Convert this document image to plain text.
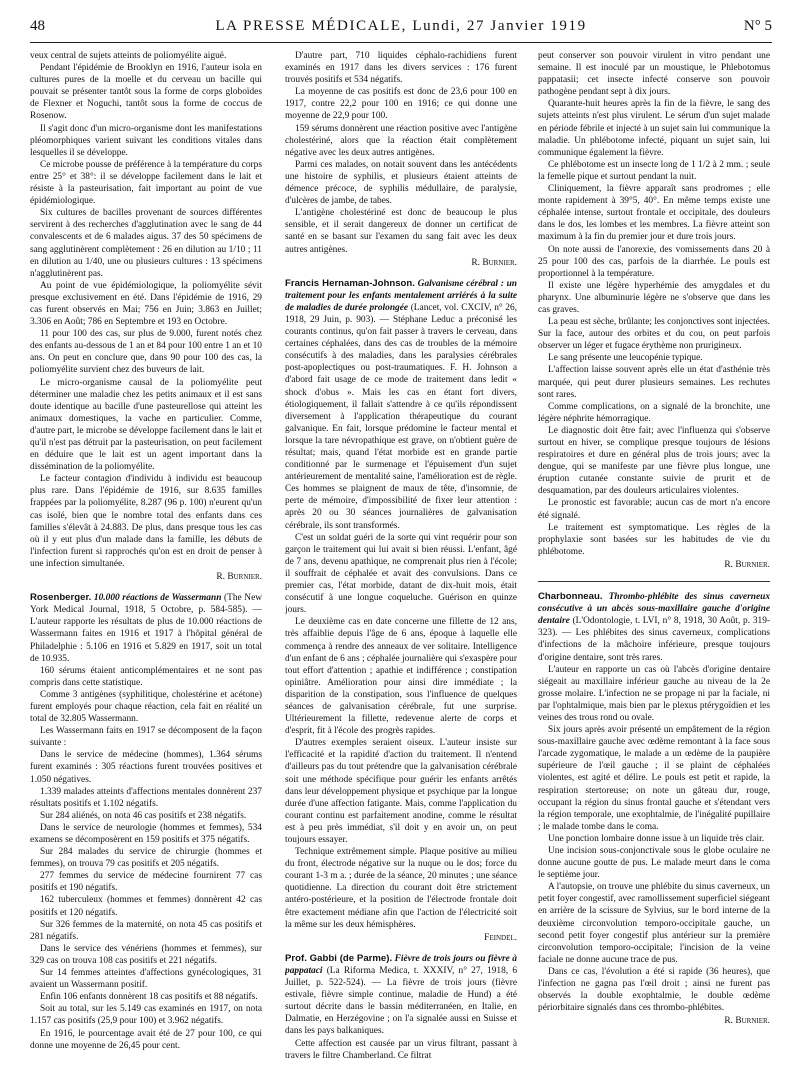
48	LA PRESSE MÉDICALE, Lundi, 27 Janvier 1919	N° 5

veux central de sujets atteints de poliomyélite aiguë.

Pendant l'épidémie de Brooklyn en 1916, l'auteur isola en cultures pures de la moelle et du cerveau un bacille qui pouvait se présenter tantôt sous la forme de corps globoïdes de Flexner et Noguchi, tantôt sous la forme de coccus de Rosenow.

Il s'agit donc d'un micro-organisme dont les manifestations pléomorphiques varient suivant les conditions vitales dans lesquelles il se développe.

Ce microbe pousse de préférence à la température du corps entre 25° et 38°: il se développe facilement dans le lait et résiste à la pasteurisation, fait important au point de vue épidémiologique.

Six cultures de bacilles provenant de sources différentes servirent à des recherches d'agglutination avec le sang de 44 convalescents et de 6 malades aigus. 37 des 50 spécimens de sang agglutinèrent complètement : 26 en dilution au 1/10 ; 11 en dilution au 1/40, une ou plusieurs cultures : 13 spécimens n'agglutinèrent pas.

Au point de vue épidémiologique, la poliomyélite sévit presque exclusivement en été. Dans l'épidémie de 1916, 29 cas furent observés en Mai; 756 en Juin; 3.863 en Juillet; 3.306 en Août; 786 en Septembre et 193 en Octobre.

11 pour 100 des cas, sur plus de 9.000, furent notés chez des enfants au-dessous de 1 an et 84 pour 100 entre 1 an et 10 ans. On peut en conclure que, dans 90 pour 100 des cas, la poliomyélite survient chez des buveurs de lait.

Le micro-organisme causal de la poliomyélite peut déterminer une maladie chez les petits animaux et il est sans doute identique au bacille d'une pasteurellose qui atteint les animaux domestiques, la vache en particulier. Comme, d'autre part, le microbe se développe facilement dans le lait et qu'il n'est pas détruit par la pasteurisation, on peut facilement en déduire que le lait est un agent important dans la dissémination de la poliomyélite.

Le facteur contagion d'individu à individu est beaucoup plus rare. Dans l'épidémie de 1916, sur 8.635 familles frappées par la poliomyélite, 8.287 (96 p. 100) n'eurent qu'un cas isolé, bien que le nombre total des enfants dans ces familles s'élevât à 24.883. De plus, dans presque tous les cas où il y eut plus d'un malade dans la famille, les débuts de l'infection furent si rapprochés qu'on est en droit de penser à une infection simultanée.

R. Burnier.

Rosenberger. 10.000 réactions de Wassermann (The New York Medical Journal, 1918, 5 Octobre, p. 584-585). — L'auteur rapporte les résultats de plus de 10.000 réactions de Wassermann faites en 1916 et 1917 à l'hôpital général de Philadelphie : 5.106 en 1916 et 5.829 en 1917, soit un total de 10.935.

160 sérums étaient anticomplémentaires et ne sont pas compris dans cette statistique.

Comme 3 antigènes (syphilitique, cholestérine et acétone) furent employés pour chaque réaction, cela fait en réalité un total de 32.805 Wassermann.

Les Wassermann faits en 1917 se décomposent de la façon suivante :

Dans le service de médecine (hommes), 1.364 sérums furent examinés : 305 réactions furent trouvées positives et 1.050 négatives.

1.339 malades atteints d'affections mentales donnèrent 237 résultats positifs et 1.102 négatifs.

Sur 284 aliénés, on nota 46 cas positifs et 238 négatifs.

Dans le service de neurologie (hommes et femmes), 534 examens se décomposèrent en 159 positifs et 375 négatifs.

Sur 284 malades du service de chirurgie (hommes et femmes), on trouva 79 cas positifs et 205 négatifs.

277 femmes du service de médecine fournirent 77 cas positifs et 190 négatifs.

162 tuberculeux (hommes et femmes) donnèrent 42 cas positifs et 120 négatifs.

Sur 326 femmes de la maternité, on nota 45 cas positifs et 281 négatifs.

Dans le service des vénériens (hommes et femmes), sur 329 cas on trouva 108 cas positifs et 221 négatifs.

Sur 14 femmes atteintes d'affections gynécologiques, 31 avaient un Wassermann positif.

Enfin 106 enfants donnèrent 18 cas positifs et 88 négatifs.

Soit au total, sur les 5.149 cas examinés en 1917, on nota 1.157 cas positifs (25,9 pour 100) et 3.962 négatifs.

En 1916, le pourcentage avait été de 27 pour 100, ce qui donne une moyenne de 26,45 pour cent.

D'autre part, 710 liquides céphalo-rachidiens furent examinés en 1917 dans les divers services : 176 furent trouvés positifs et 534 négatifs.

La moyenne de cas positifs est donc de 23,6 pour 100 en 1917, contre 22,2 pour 100 en 1916; ce qui donne une moyenne de 22,9 pour 100.

159 sérums donnèrent une réaction positive avec l'antigène cholestériné, alors que la réaction était complètement négative avec les deux autres antigènes.

Parmi ces malades, on notait souvent dans les antécédents une histoire de syphilis, et plusieurs étaient atteints de démence précoce, de syphilis médullaire, de paralysie, d'ulcères de jambe, de tabes.

L'antigène cholestériné est donc de beaucoup le plus sensible, et il serait dangereux de donner un certificat de santé en se basant sur l'examen du sang fait avec les deux autres antigènes.

R. Burnier.

Francis Hernaman-Johnson. Galvanisme cérébral : un traitement pour les enfants mentalement arriérés à la suite de maladies de durée prolongée (Lancet, vol. CXCIV, n° 26, 1918, 29 Juin, p. 903). — Stéphane Leduc a préconisé les courants continus, qu'on fait passer à travers le cerveau, dans certaines céphalées, dans des cas de troubles de la mémoire consécutifs à des maladies, dans les paralysies cérébrales post-apoplectiques ou post-traumatiques. F. H. Johnson a d'abord fait usage de ce mode de traitement dans ledit « shock d'obus ». Mais les cas en étant fort divers, étiologiquement, il fallait s'attendre à ce qu'ils répondissent diversement à l'application thérapeutique du courant galvanique. En fait, lorsque prédomine le facteur mental et lorsque la tare névropathique est grave, on n'obtient guère de résultat; mais, quand l'état morbide est en grande partie conditionné par le surmenage et l'épuisement d'un sujet antérieurement de mentalité saine, l'amélioration est de règle. Ces hommes se plaignent de maux de tête, d'insomnie, de perte de mémoire, d'impossibilité de fixer leur attention : après 20 ou 30 séances journalières de galvanisation cérébrale, ils sont transformés.

C'est un soldat guéri de la sorte qui vint requérir pour son garçon le traitement qui lui avait si bien réussi. L'enfant, âgé de 7 ans, devenu apathique, ne comprenait plus rien à l'école; il souffrait de céphalée et avait des convulsions. Dans ce premier cas, l'état morbide, datant de dix-huit mois, était consécutif à une longue coqueluche. Guérison en quinze jours.

Le deuxième cas en date concerne une fillette de 12 ans, très affaiblie depuis l'âge de 6 ans, époque à laquelle elle commença à rendre des anneaux de ver solitaire. Intelligence d'un enfant de 6 ans ; céphalée journalière qui s'exaspère pour tout effort d'attention ; apathie et indifférence ; constipation opiniâtre. Amélioration pour ainsi dire immédiate ; la disparition de la constipation, sous l'influence de quelques séances de galvanisation cérébrale, fut une surprise. Ultérieurement la fillette, redevenue alerte de corps et d'esprit, fit à l'école des progrès rapides.

D'autres exemples seraient oiseux. L'auteur insiste sur l'efficacité et la rapidité d'action du traitement. Il n'entend d'ailleurs pas du tout prétendre que la galvanisation cérébrale soit une méthode spécifique pour guérir les enfants arrêtés dans leur développement physique et psychique par la longue durée d'une affection fatigante. Mais, comme l'application du courant continu est parfaitement anodine, comme le résultat est à peu près immédiat, s'il doit y en avoir un, on peut toujours essayer.

Technique extrêmement simple. Plaque positive au milieu du front, électrode négative sur la nuque ou le dos; force du courant 1-3 m a. ; durée de la séance, 20 minutes ; une séance quotidienne. La direction du courant doit être strictement antéro-postérieure, et la position de l'électrode frontale doit être exactement médiane afin que l'action de l'électricité soit la même sur les deux hémisphères.

Feindel.

Prof. Gabbi (de Parme). Fièvre de trois jours ou fièvre à pappataci (La Riforma Medica, t. XXXIV, n° 27, 1918, 6 Juillet, p. 522-524). — La fièvre de trois jours (fièvre estivale, fièvre simple continue, maladie de Hund) a été surtout décrite dans le bassin méditerranéen, en Italie, en Dalmatie, en Herzégovine ; on l'a signalée aussi en Suisse et dans les pays balkaniques.

Cette affection est causée par un virus filtrant, passant à travers le filtre Chamberland. Ce filtrat

peut conserver son pouvoir virulent in vitro pendant une semaine. Il est inoculé par un moustique, le Phlebotomus pappatasii; cet insecte infecté conserve son pouvoir pathogène pendant sept à dix jours.

Quarante-huit heures après la fin de la fièvre, le sang des sujets atteints n'est plus virulent. Le sérum d'un sujet malade en période fébrile et injecté à un sujet sain lui communique la maladie. Un phlébotome infecté, piquant un sujet sain, lui communique également la fièvre.

Ce phlébotome est un insecte long de 1 1/2 à 2 mm. ; seule la femelle pique et surtout pendant la nuit.

Cliniquement, la fièvre apparaît sans prodromes ; elle monte rapidement à 39°5, 40°. En même temps existe une céphalée intense, surtout frontale et occipitale, des douleurs dans le dos, les lombes et les membres. La fièvre atteint son maximum à la fin du premier jour et dure trois jours.

On note aussi de l'anorexie, des vomissements dans 20 à 25 pour 100 des cas, parfois de la diarrhée. Le pouls est proportionnel à la température.

Il existe une légère hyperhémie des amygdales et du pharynx. Une albuminurie légère ne s'observe que dans les cas graves.

La peau est sèche, brûlante; les conjonctives sont injectées. Sur la face, autour des orbites et du cou, on peut parfois observer un léger et fugace érythème non prurigineux.

Le sang présente une leucopénie typique.

L'affection laisse souvent après elle un état d'asthénie très marquée, qui peut durer plusieurs semaines. Les rechutes sont rares.

Comme complications, on a signalé de la bronchite, une légère néphrite hémorragique.

Le diagnostic doit être fait; avec l'influenza qui s'observe surtout en hiver, se complique presque toujours de lésions respiratoires et dure en général plus de trois jours; avec la dengue, qui se manifeste par une fièvre plus longue, une éruption cutanée constante suivie de prurit et de desquamation, par des douleurs articulaires violentes.

Le pronostic est favorable; aucun cas de mort n'a encore été signalé.

Le traitement est symptomatique. Les règles de la prophylaxie sont basées sur les habitudes de vie du phlébotome.

R. Burnier.

Charbonneau. Thrombo-phlébite des sinus caverneux consécutive à un abcès sous-maxillaire gauche d'origine dentaire (L'Odontologie, t. LVI, n° 8, 1918, 30 Août, p. 319-323). — Les phlébites des sinus caverneux, complications d'infections de la mâchoire inférieure, presque toujours d'origine dentaire, sont très rares.

L'auteur en rapporte un cas où l'abcès d'origine dentaire siégeait au maxillaire inférieur gauche au niveau de la 2e grosse molaire. L'infection ne se propage ni par la faciale, ni par l'ophtalmique, mais bien par le plexus ptérygoïdien et les veines des trous rond ou ovale.

Six jours après avoir présenté un empâtement de la région sous-maxillaire gauche avec œdème remontant à la face sous l'arcade zygomatique, le malade a un œdème de la paupière supérieure de l'œil gauche ; il se plaint de céphalées violentes, est agité et délire. Le pouls est petit et rapide, la respiration stertoreuse; on note un gâteau dur, rouge, occupant la région du sinus frontal gauche et s'étendant vers la région temporale, une exophtalmie, de l'inégalité pupillaire ; le malade tombe dans le coma.

Une ponction lombaire donne issue à un liquide très clair.

Une incision sous-conjonctivale sous le globe oculaire ne donne aucune goutte de pus. Le malade meurt dans le coma le septième jour.

A l'autopsie, on trouve une phlébite du sinus caverneux, un petit foyer congestif, avec ramollissement superficiel siégeant en arrière de la scissure de Sylvius, sur le bord interne de la deuxième circonvolution temporo-occipitale gauche, un second petit foyer congestif plus antérieur sur la première circonvolution temporo-occipitale; l'incision de la veine faciale ne donne aucune trace de pus.

Dans ce cas, l'évolution a été si rapide (36 heures), que l'infection ne gagna pas l'œil droit ; ainsi ne furent pas observés la double exophtalmie, le double œdème périorbitaire signalés dans ces thrombo-phlébites.

R. Burnier.
